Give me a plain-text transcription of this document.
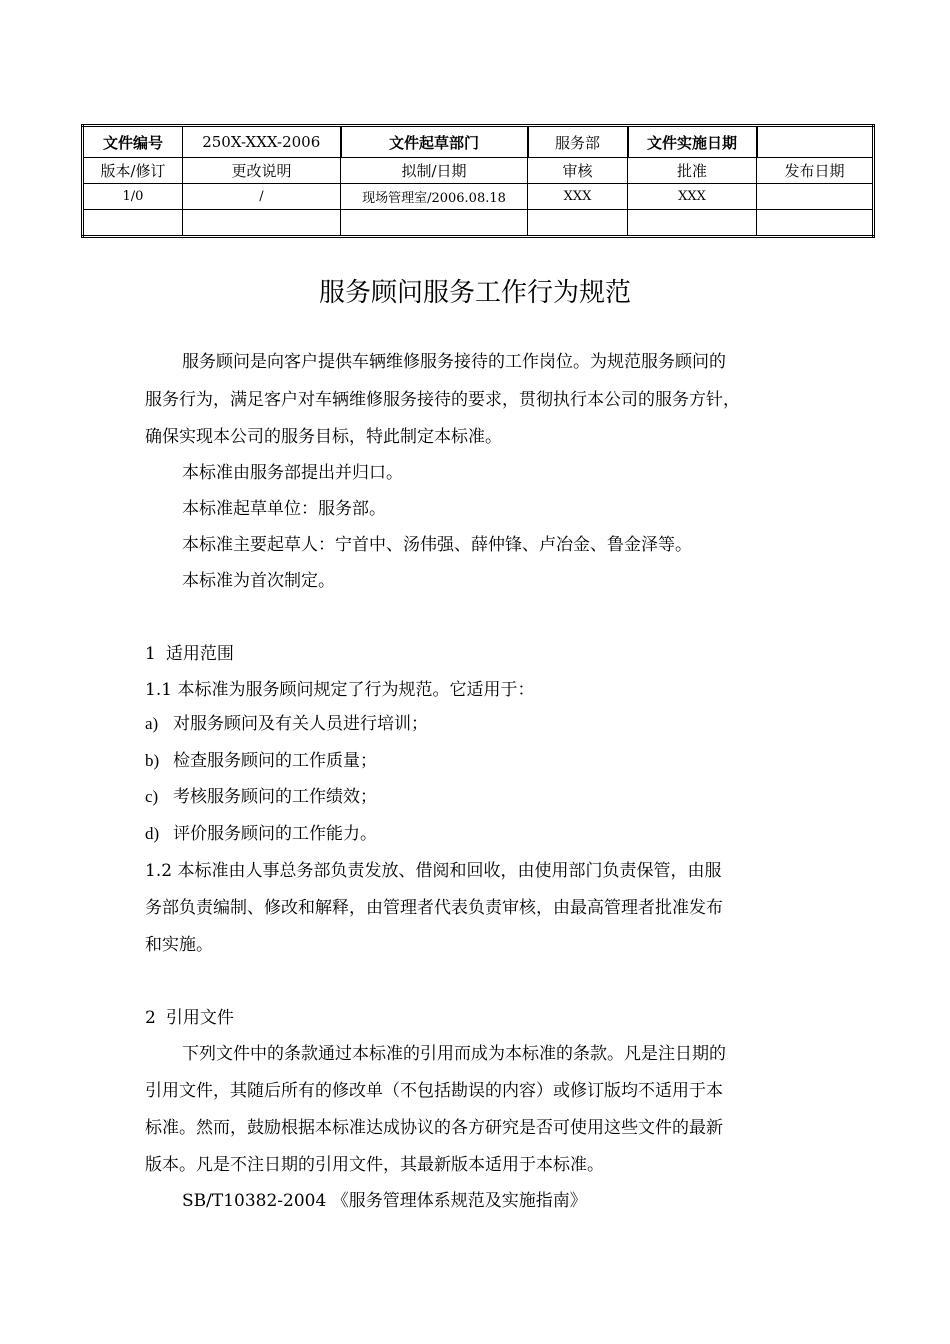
文件编号	250X-XXX-2006	文件起草部门	服务部	文件实施日期	
版本/修订	更改说明	拟制/日期	审核	批准	发布日期
1/0	/	现场管理室/2006.08.18	XXX	XXX	

服务顾问服务工作行为规范
服务顾问是向客户提供车辆维修服务接待的工作岗位。为规范服务顾问的
服务行为，满足客户对车辆维修服务接待的要求，贯彻执行本公司的服务方针，
确保实现本公司的服务目标，特此制定本标准。
本标准由服务部提出并归口。
本标准起草单位：服务部。
本标准主要起草人：宁首中、汤伟强、薛仲锋、卢冶金、鲁金泽等。
本标准为首次制定。
1 适用范围
1.1 本标准为服务顾问规定了行为规范。它适用于：
a) 对服务顾问及有关人员进行培训；
b) 检查服务顾问的工作质量；
c) 考核服务顾问的工作绩效；
d) 评价服务顾问的工作能力。
1.2 本标准由人事总务部负责发放、借阅和回收，由使用部门负责保管，由服
务部负责编制、修改和解释，由管理者代表负责审核，由最高管理者批准发布
和实施。
2 引用文件
下列文件中的条款通过本标准的引用而成为本标准的条款。凡是注日期的
引用文件，其随后所有的修改单（不包括勘误的内容）或修订版均不适用于本
标准。然而，鼓励根据本标准达成协议的各方研究是否可使用这些文件的最新
版本。凡是不注日期的引用文件，其最新版本适用于本标准。
SB/T10382-2004 《服务管理体系规范及实施指南》
